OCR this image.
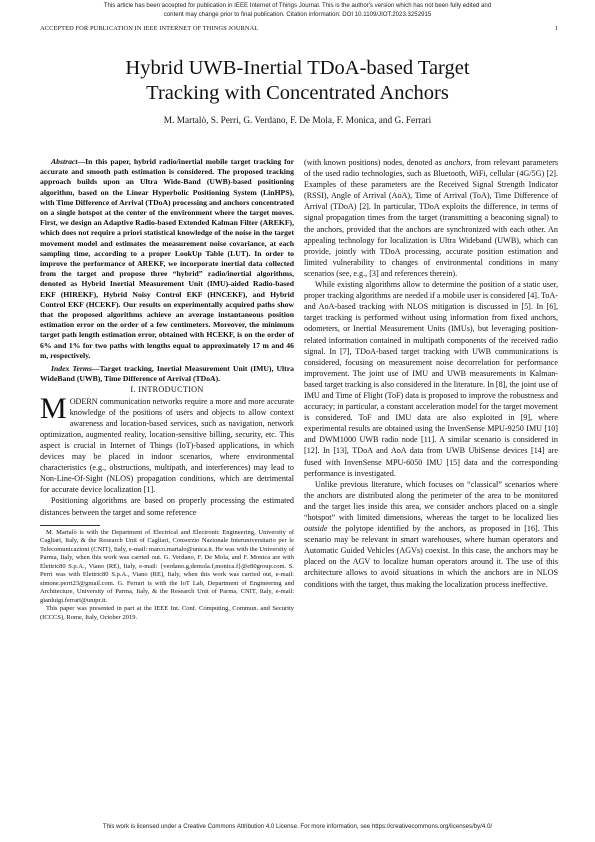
This article has been accepted for publication in IEEE Internet of Things Journal. This is the author's version which has not been fully edited and
content may change prior to final publication. Citation information: DOI 10.1109/JIOT.2023.3252915
ACCEPTED FOR PUBLICATION IN IEEE INTERNET OF THINGS JOURNAL	1
Hybrid UWB-Inertial TDoA-based Target
Tracking with Concentrated Anchors
M. Martalò, S. Perri, G. Verdano, F. De Mola, F. Monica, and G. Ferrari

Abstract—In this paper, hybrid radio/inertial mobile target tracking for accurate and smooth path estimation is considered. The proposed tracking approach builds upon an Ultra Wide-Band (UWB)-based positioning algorithm, based on the Linear Hyperbolic Positioning System (LinHPS), with Time Difference of Arrival (TDoA) processing and anchors concentrated on a single hotspot at the center of the environment where the target moves. First, we design an Adaptive Radio-based Extended Kalman Filter (AREKF), which does not require a priori statistical knowledge of the noise in the target movement model and estimates the measurement noise covariance, at each sampling time, according to a proper LookUp Table (LUT). In order to improve the performance of AREKF, we incorporate inertial data collected from the target and propose three “hybrid” radio/inertial algorithms, denoted as Hybrid Inertial Measurement Unit (IMU)-aided Radio-based EKF (HIREKF), Hybrid Noisy Control EKF (HNCEKF), and Hybrid Control EKF (HCEKF). Our results on experimentally acquired paths show that the proposed algorithms achieve an average instantaneous position estimation error on the order of a few centimeters. Moreover, the minimum target path length estimation error, obtained with HCEKF, is on the order of 6% and 1% for two paths with lengths equal to approximately 17 m and 46 m, respectively.

Index Terms—Target tracking, Inertial Measurement Unit (IMU), Ultra WideBand (UWB), Time Difference of Arrival (TDoA).

I. INTRODUCTION

MODERN communication networks require a more and more accurate knowledge of the positions of users and objects to allow context awareness and location-based services, such as navigation, network optimization, augmented reality, location-sensitive billing, security, etc. This aspect is crucial in Internet of Things (IoT)-based applications, in which devices may be placed in indoor scenarios, where environmental characteristics (e.g., obstructions, multipath, and interferences) may lead to Non-Line-Of-Sight (NLOS) propagation conditions, which are detrimental for accurate device localization [1].

Positioning algorithms are based on properly processing the estimated distances between the target and some reference

M. Martalò is with the Department of Electrical and Electronic Engineering, University of Cagliari, Italy, & the Research Unit of Cagliari, Consorzio Nazionale Interuniversitario per le Telecomunicazioni (CNIT), Italy, e-mail: marco.martalo@unica.it. He was with the University of Parma, Italy, when this work was carried out. G. Verdano, F. De Mola, and F. Monica are with Elettric80 S.p.A., Viano (RE), Italy, e-mail: {verdano.g,demola.f,monica.f}@e80group.com. S. Perri was with Elettric80 S.p.A., Viano (RE), Italy, when this work was carried out, e-mail: simone.perri23@gmail.com. G. Ferrari is with the IoT Lab, Department of Engineering and Architecture, University of Parma, Italy, & the Research Unit of Parma, CNIT, Italy, e-mail: gianluigi.ferrari@unipr.it.

This paper was presented in part at the IEEE Int. Conf. Computing, Commun. and Security (ICCCS), Rome, Italy, October 2019.

(with known positions) nodes, denoted as anchors, from relevant parameters of the used radio technologies, such as Bluetooth, WiFi, cellular (4G/5G) [2]. Examples of these parameters are the Received Signal Strength Indicator (RSSI), Angle of Arrival (AoA), Time of Arrival (ToA), Time Difference of Arrival (TDoA) [2]. In particular, TDoA exploits the difference, in terms of signal propagation times from the target (transmitting a beaconing signal) to the anchors, provided that the anchors are synchronized with each other. An appealing technology for localization is Ultra Wideband (UWB), which can provide, jointly with TDoA processing, accurate position estimation and limited vulnerability to changes of environmental conditions in many scenarios (see, e.g., [3] and references therein).

While existing algorithms allow to determine the position of a static user, proper tracking algorithms are needed if a mobile user is considered [4]. ToA- and AoA-based tracking with NLOS mitigation is discussed in [5]. In [6], target tracking is performed without using information from fixed anchors, odometers, or Inertial Measurement Units (IMUs), but leveraging position-related information contained in multipath components of the received radio signal. In [7], TDoA-based target tracking with UWB communications is considered, focusing on measurement noise decorrelation for performance improvement. The joint use of IMU and UWB measurements in Kalman-based target tracking is also considered in the literature. In [8], the joint use of IMU and Time of Flight (ToF) data is proposed to improve the robustness and accuracy; in particular, a constant acceleration model for the target movement is considered. ToF and IMU data are also exploited in [9], where experimental results are obtained using the InvenSense MPU-9250 IMU [10] and DWM1000 UWB radio node [11]. A similar scenario is considered in [12]. In [13], TDoA and AoA data from UWB UbiSense devices [14] are fused with InvenSense MPU-6050 IMU [15] data and the corresponding performance is investigated.

Unlike previous literature, which focuses on “classical” scenarios where the anchors are distributed along the perimeter of the area to be monitored and the target lies inside this area, we consider anchors placed on a single “hotspot” with limited dimensions, whereas the target to be localized lies outside the polytope identified by the anchors, as proposed in [16]. This scenario may be relevant in smart warehouses, where human operators and Automatic Guided Vehicles (AGVs) coexist. In this case, the anchors may be placed on the AGV to localize human operators around it. The use of this architecture allows to avoid situations in which the anchors are in NLOS conditions with the target, thus making the localization process ineffective.

This work is licensed under a Creative Commons Attribution 4.0 License. For more information, see https://creativecommons.org/licenses/by/4.0/
